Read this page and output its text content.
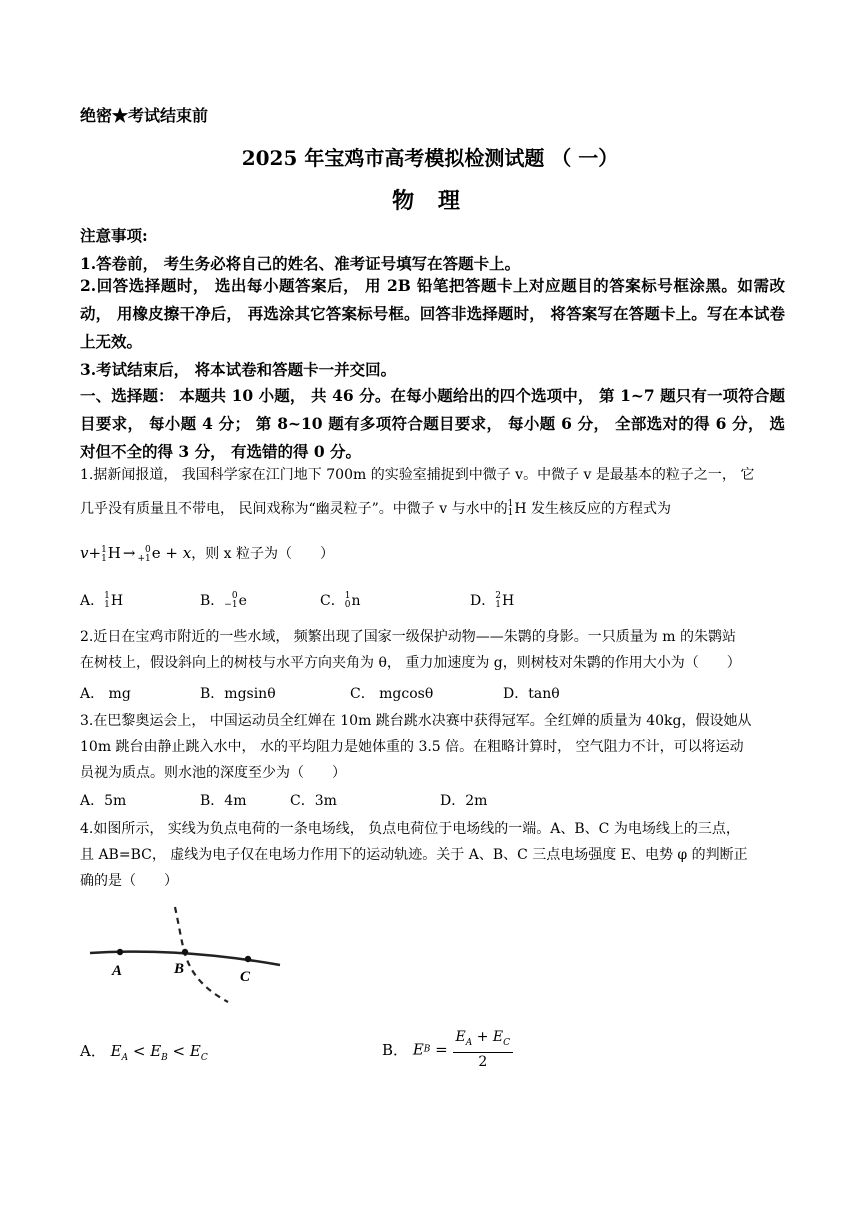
绝密★考试结束前
2025 年宝鸡市高考模拟检测试题 （ 一）
物 理
注意事项:
1.答卷前， 考生务必将自己的姓名、准考证号填写在答题卡上。
2.回答选择题时， 选出每小题答案后， 用 2B 铅笔把答题卡上对应题目的答案标号框涂黑。如需改动， 用橡皮擦干净后， 再选涂其它答案标号框。回答非选择题时， 将答案写在答题卡上。写在本试卷上无效。
3.考试结束后， 将本试卷和答题卡一并交回。
一、选择题： 本题共 10 小题， 共 46 分。在每小题给出的四个选项中， 第 1~7 题只有一项符合题目要求， 每小题 4 分； 第 8~10 题有多项符合题目要求， 每小题 6 分， 全部选对的得 6 分， 选对但不全的得 3 分， 有选错的得 0 分。
1.据新闻报道， 我国科学家在江门地下 700m 的实验室捕捉到中微子 v。中微子 v 是最基本的粒子之一， 它
几乎没有质量且不带电， 民间戏称为“幽灵粒子”。中微子 v 与水中的 1
1 H 发生核反应的方程式为
v+ 1
1 H → 0
+1 e + x，则 x 粒子为（　　）
A． 1
1 H	B． 0
−1 e	C． 1
0 n	D． 2
1 H
2.近日在宝鸡市附近的一些水域， 频繁出现了国家一级保护动物——朱鹮的身影。一只质量为 m 的朱鹮站
在树枝上，假设斜向上的树枝与水平方向夹角为 θ， 重力加速度为 g，则树枝对朱鹮的作用大小为（　　）
A． mg	B．mgsinθ	C． mgcosθ	D．tanθ
3.在巴黎奥运会上， 中国运动员全红婵在 10m 跳台跳水决赛中获得冠军。全红婵的质量为 40kg，假设她从
10m 跳台由静止跳入水中， 水的平均阻力是她体重的 3.5 倍。在粗略计算时， 空气阻力不计，可以将运动
员视为质点。则水池的深度至少为（　　）
A．5m	B．4m	C．3m	D．2m
4.如图所示， 实线为负点电荷的一条电场线， 负点电荷位于电场线的一端。A、B、C 为电场线上的三点，
且 AB=BC， 虚线为电子仅在电场力作用下的运动轨迹。关于 A、B、C 三点电场强度 E、电势 φ 的判断正
确的是（　　）
A	B	C
A． $E_A < E_B < E_C$	B． EB = $\frac{E_A + E_C}{2}$
